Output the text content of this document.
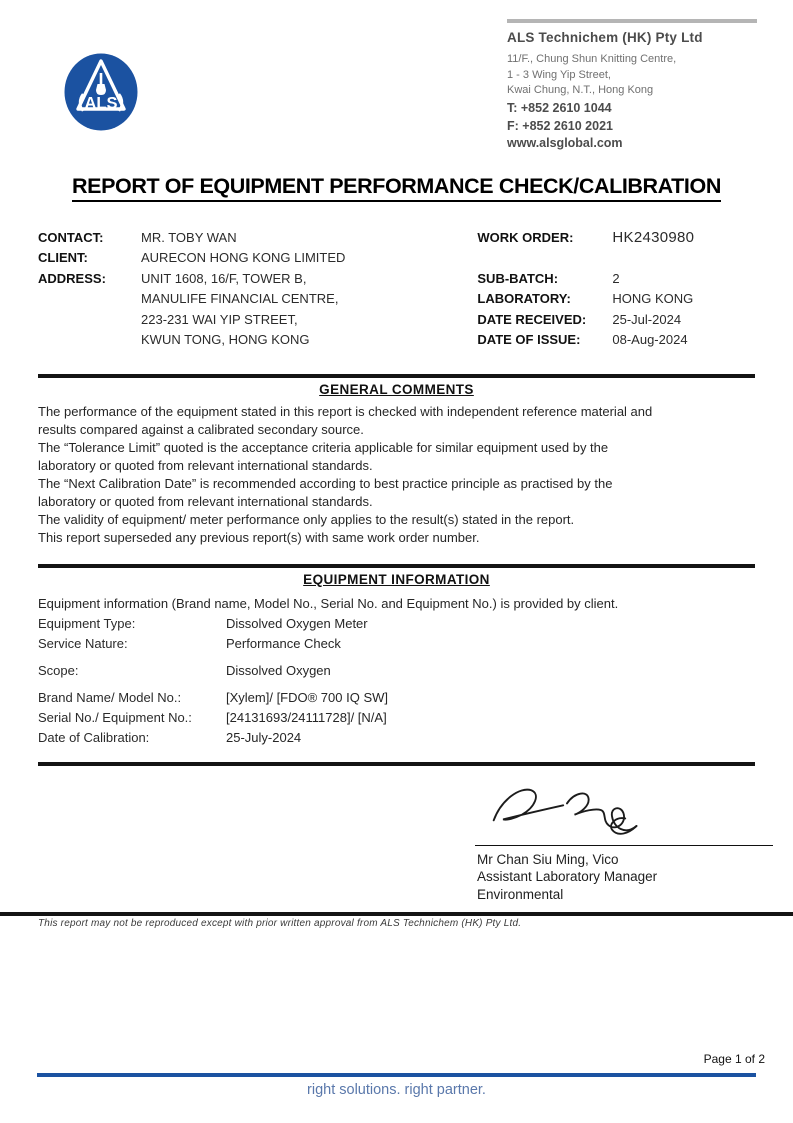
ALS
ALS Technichem (HK) Pty Ltd
11/F., Chung Shun Knitting Centre,
1 - 3 Wing Yip Street,
Kwai Chung, N.T., Hong Kong
T: +852 2610 1044
F: +852 2610 2021
www.alsglobal.com
REPORT OF EQUIPMENT PERFORMANCE CHECK/CALIBRATION
CONTACT:	MR. TOBY WAN
CLIENT:	AURECON HONG KONG LIMITED
ADDRESS:	UNIT 1608, 16/F, TOWER B,
MANULIFE FINANCIAL CENTRE,
223-231 WAI YIP STREET,
KWUN TONG, HONG KONG
WORK ORDER:	HK2430980
SUB-BATCH:	2
LABORATORY:	HONG KONG
DATE RECEIVED:	25-Jul-2024
DATE OF ISSUE:	08-Aug-2024
GENERAL COMMENTS
The performance of the equipment stated in this report is checked with independent reference material and
results compared against a calibrated secondary source.
The “Tolerance Limit” quoted is the acceptance criteria applicable for similar equipment used by the
laboratory or quoted from relevant international standards.
The “Next Calibration Date” is recommended according to best practice principle as practised by the
laboratory or quoted from relevant international standards.
The validity of equipment/ meter performance only applies to the result(s) stated in the report.
This report superseded any previous report(s) with same work order number.
EQUIPMENT INFORMATION
Equipment information (Brand name, Model No., Serial No. and Equipment No.) is provided by client.
Equipment Type:	Dissolved Oxygen Meter
Service Nature:	Performance Check
Scope:	Dissolved Oxygen
Brand Name/ Model No.:	[Xylem]/ [FDO® 700 IQ SW]
Serial No./ Equipment No.:	[24131693/24111728]/ [N/A]
Date of Calibration:	25-July-2024
Mr Chan Siu Ming, Vico
Assistant Laboratory Manager
Environmental
This report may not be reproduced except with prior written approval from ALS Technichem (HK) Pty Ltd.
Page 1 of 2
right solutions. right partner.
